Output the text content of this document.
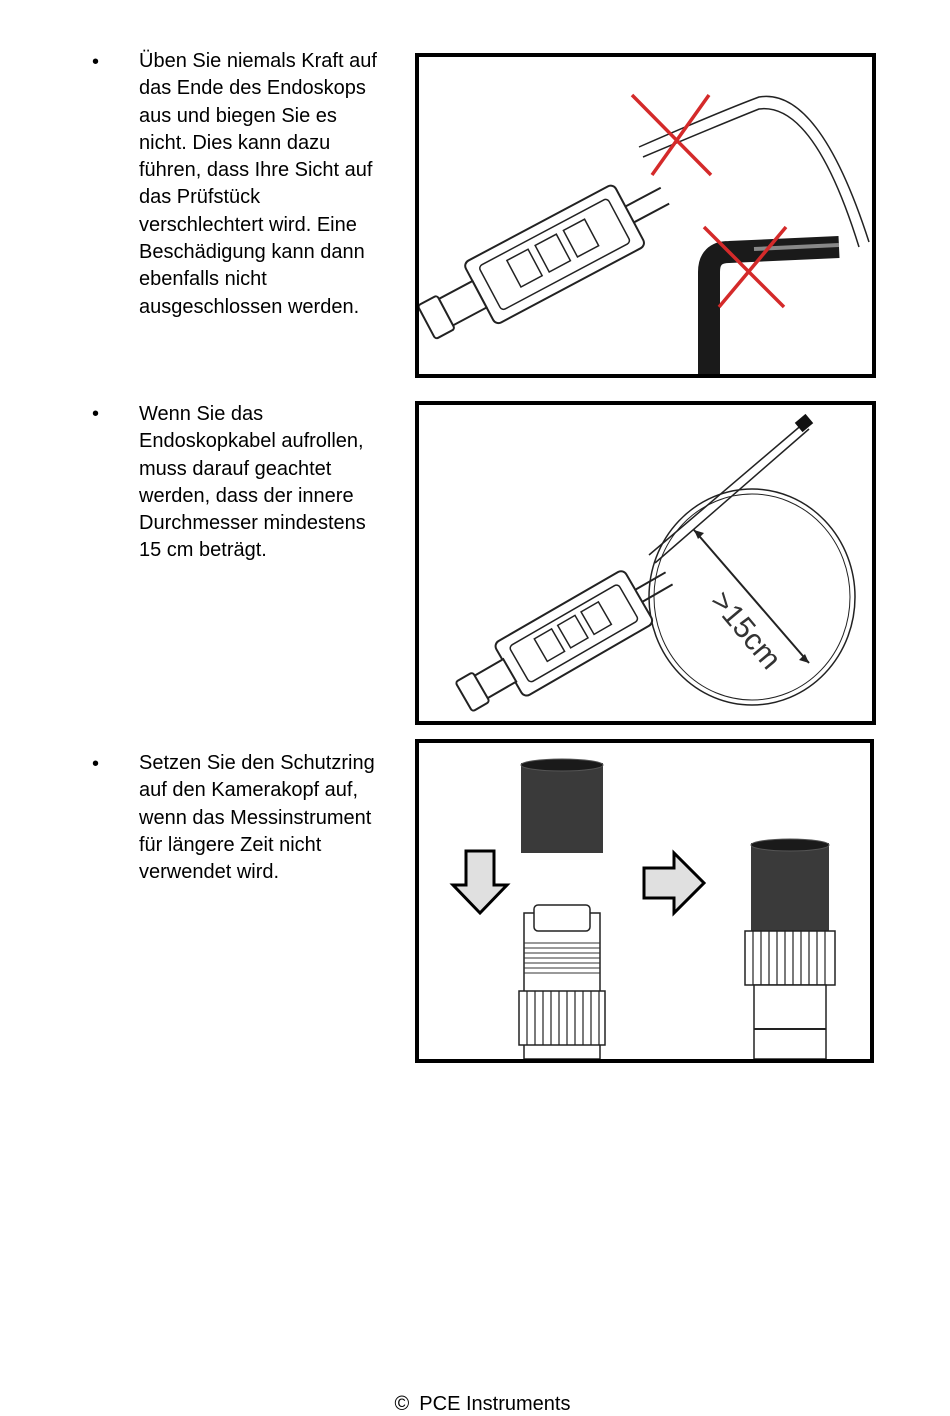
• Üben Sie niemals Kraft auf
das Ende des Endoskops
aus und biegen Sie es
nicht. Dies kann dazu
führen, dass Ihre Sicht auf
das Prüfstück
verschlechtert wird. Eine
Beschädigung kann dann
ebenfalls nicht
ausgeschlossen werden.
• Wenn Sie das
Endoskopkabel aufrollen,
muss darauf geachtet
werden, dass der innere
Durchmesser mindestens
15 cm beträgt.
>15cm
• Setzen Sie den Schutzring
auf den Kamerakopf auf,
wenn das Messinstrument
für längere Zeit nicht
verwendet wird.
© PCE Instruments
